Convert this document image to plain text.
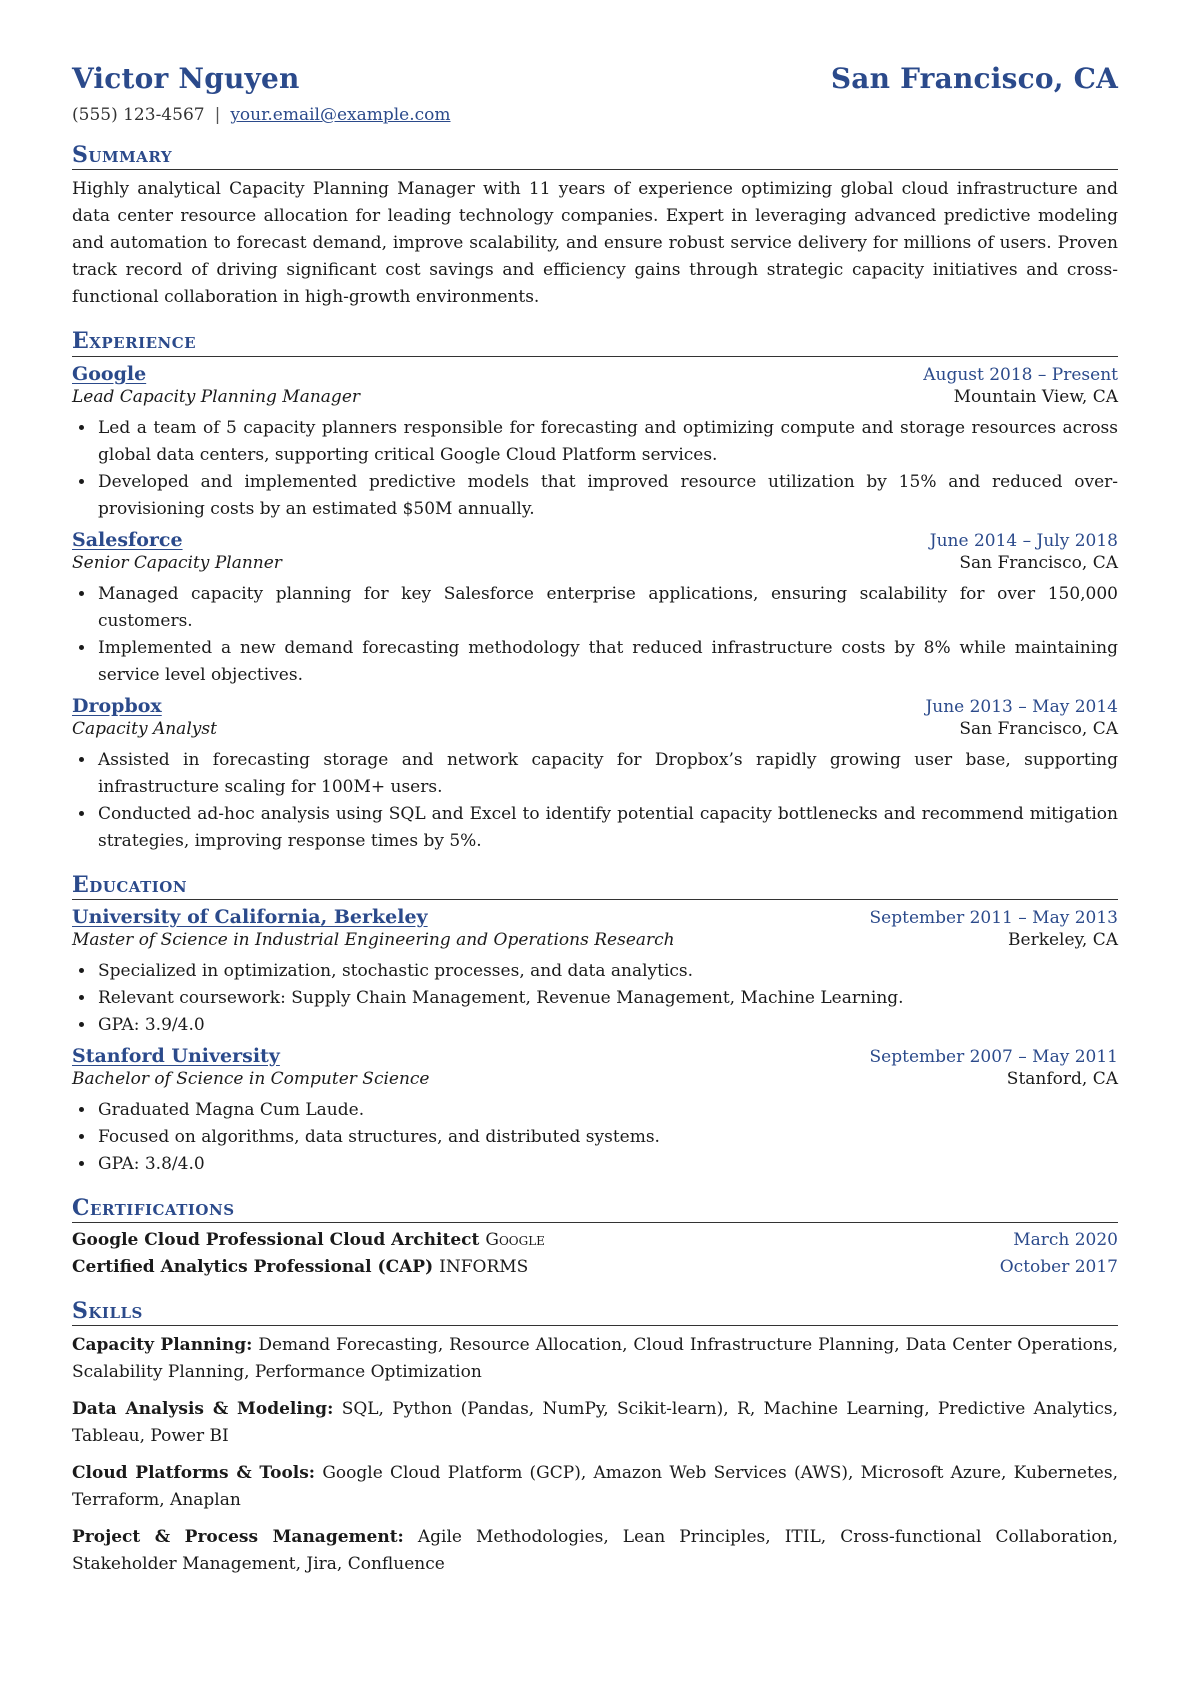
Victor Nguyen	San Francisco, CA
(555) 123-4567 | your.email@example.com
Summary
Highly analytical Capacity Planning Manager with 11 years of experience optimizing global cloud infrastructure and data center resource allocation for leading technology companies. Expert in leveraging advanced predictive modeling and automation to forecast demand, improve scalability, and ensure robust service delivery for millions of users. Proven track record of driving significant cost savings and efficiency gains through strategic capacity initiatives and cross-functional collaboration in high-growth environments.
Experience
Google	August 2018 – Present
Lead Capacity Planning Manager	Mountain View, CA
• Led a team of 5 capacity planners responsible for forecasting and optimizing compute and storage resources across global data centers, supporting critical Google Cloud Platform services.
• Developed and implemented predictive models that improved resource utilization by 15% and reduced over-provisioning costs by an estimated $50M annually.
Salesforce	June 2014 – July 2018
Senior Capacity Planner	San Francisco, CA
• Managed capacity planning for key Salesforce enterprise applications, ensuring scalability for over 150,000 customers.
• Implemented a new demand forecasting methodology that reduced infrastructure costs by 8% while maintaining service level objectives.
Dropbox	June 2013 – May 2014
Capacity Analyst	San Francisco, CA
• Assisted in forecasting storage and network capacity for Dropbox’s rapidly growing user base, supporting infrastructure scaling for 100M+ users.
• Conducted ad-hoc analysis using SQL and Excel to identify potential capacity bottlenecks and recommend mitigation strategies, improving response times by 5%.
Education
University of California, Berkeley	September 2011 – May 2013
Master of Science in Industrial Engineering and Operations Research	Berkeley, CA
• Specialized in optimization, stochastic processes, and data analytics.
• Relevant coursework: Supply Chain Management, Revenue Management, Machine Learning.
• GPA: 3.9/4.0
Stanford University	September 2007 – May 2011
Bachelor of Science in Computer Science	Stanford, CA
• Graduated Magna Cum Laude.
• Focused on algorithms, data structures, and distributed systems.
• GPA: 3.8/4.0
Certifications
Google Cloud Professional Cloud Architect Google	March 2020
Certified Analytics Professional (CAP) INFORMS	October 2017
Skills
Capacity Planning: Demand Forecasting, Resource Allocation, Cloud Infrastructure Planning, Data Center Operations, Scalability Planning, Performance Optimization
Data Analysis & Modeling: SQL, Python (Pandas, NumPy, Scikit-learn), R, Machine Learning, Predictive Analytics, Tableau, Power BI
Cloud Platforms & Tools: Google Cloud Platform (GCP), Amazon Web Services (AWS), Microsoft Azure, Kubernetes, Terraform, Anaplan
Project & Process Management: Agile Methodologies, Lean Principles, ITIL, Cross-functional Collaboration, Stakeholder Management, Jira, Confluence
